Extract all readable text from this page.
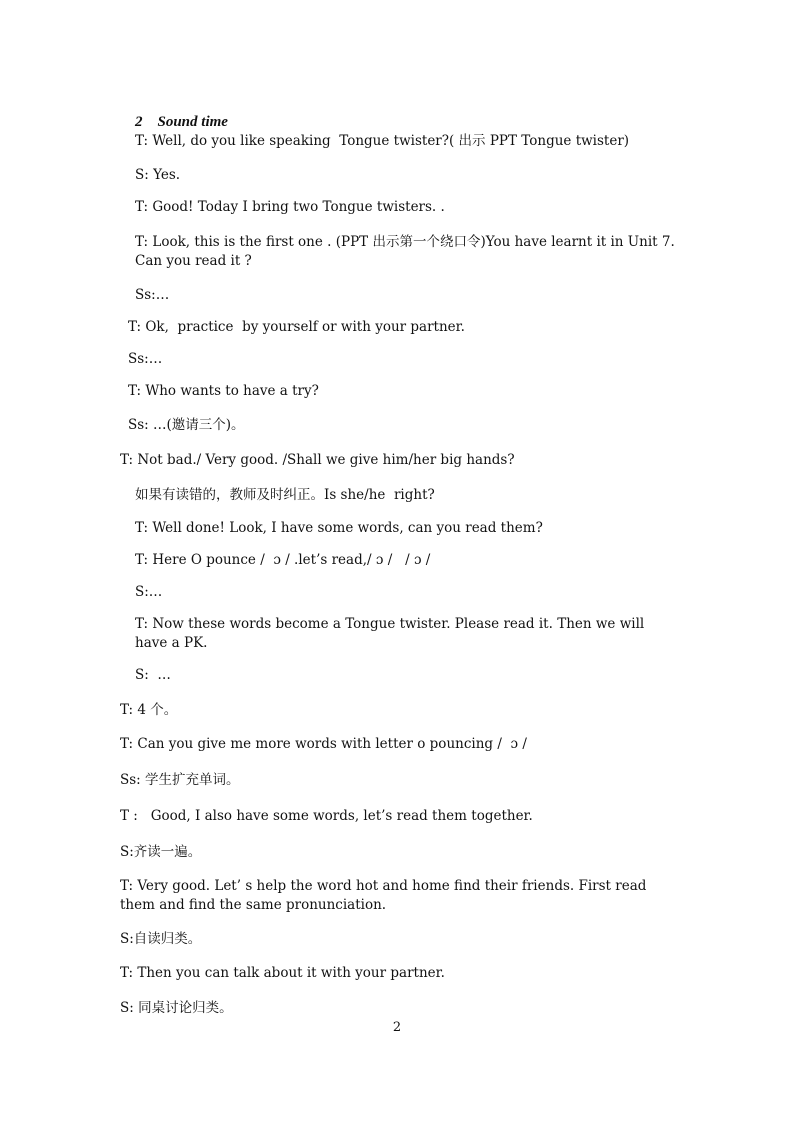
2 Sound time

T: Well, do you like speaking  Tongue twister?( 出示 PPT Tongue twister)
S: Yes.
T: Good! Today I bring two Tongue twisters. .
T: Look, this is the first one . (PPT 出示第一个绕口令)You have learnt it in Unit 7. Can you read it ?
Ss:…
T: Ok,  practice  by yourself or with your partner.
Ss:…
T: Who wants to have a try?
Ss: …(邀请三个)。
T: Not bad./ Very good. /Shall we give him/her big hands?
如果有读错的，教师及时纠正。Is she/he  right?
T: Well done! Look, I have some words, can you read them?
T: Here O pounce /  ɔ / .let’s read,/ ɔ /   / ɔ /
S:…
T: Now these words become a Tongue twister. Please read it. Then we will have a PK.
S:  …
T: 4 个。
T: Can you give me more words with letter o pouncing /  ɔ /
Ss: 学生扩充单词。
T :   Good, I also have some words, let’s read them together.
S:齐读一遍。
T: Very good. Let’ s help the word hot and home find their friends. First read them and find the same pronunciation.
S:自读归类。
T: Then you can talk about it with your partner.
S: 同桌讨论归类。
2
